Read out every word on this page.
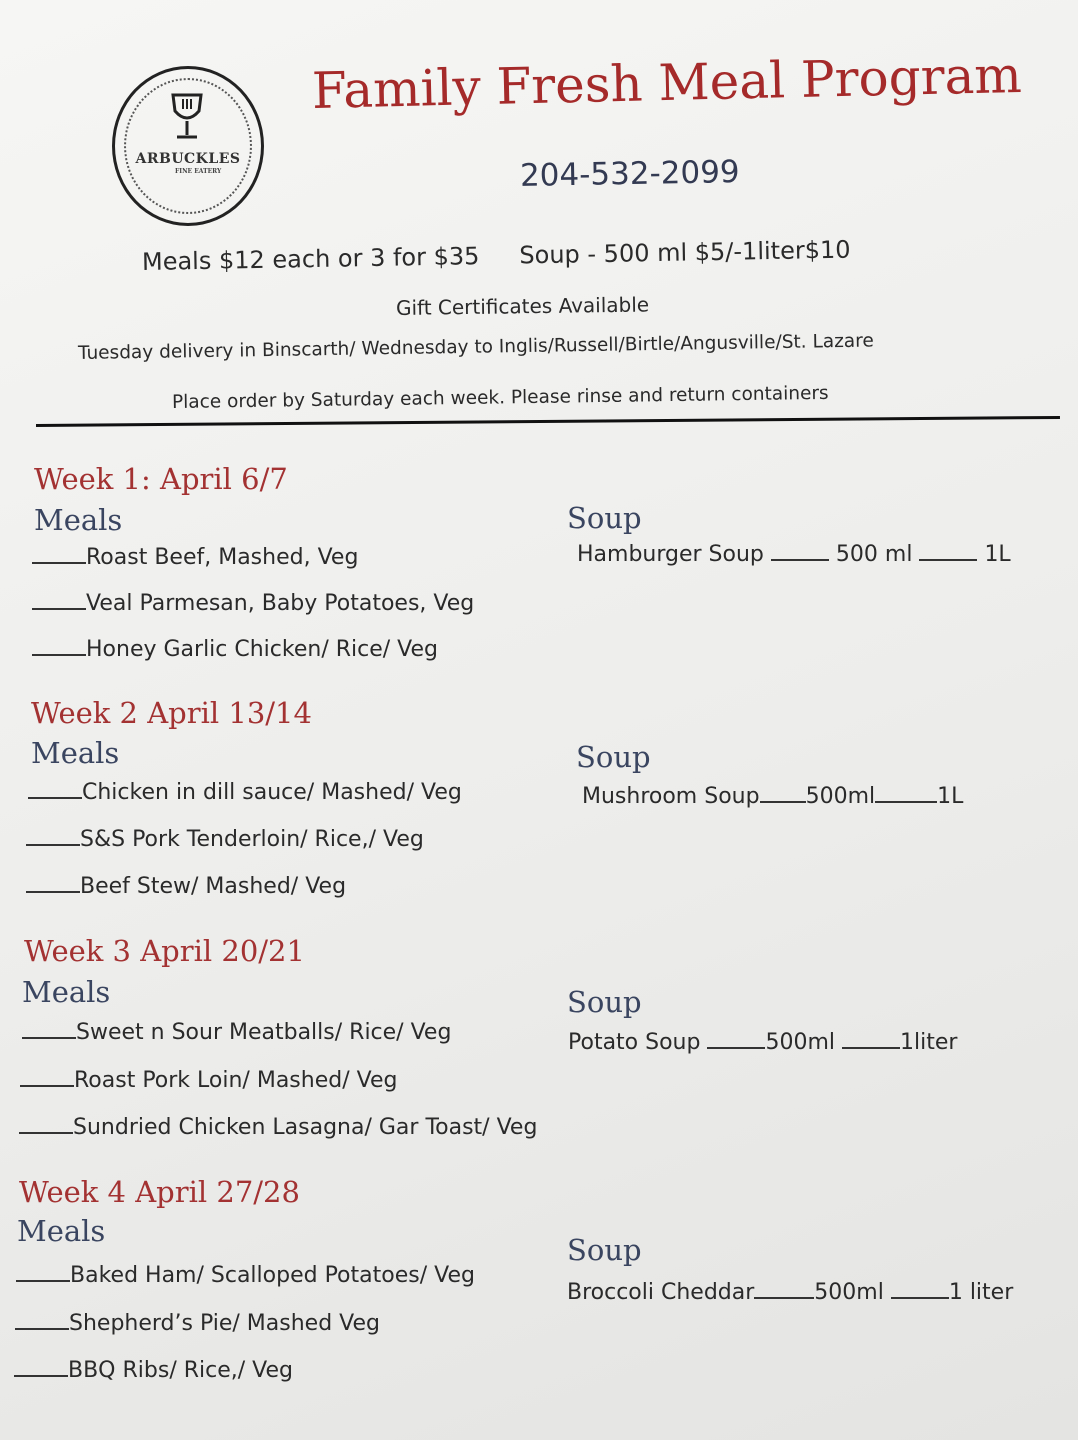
ARBUCKLES
FINE EATERY
Family Fresh Meal Program
204-532-2099
Meals $12 each or 3 for $35 Soup - 500 ml $5/-1liter$10
Gift Certificates Available
Tuesday delivery in Binscarth/ Wednesday to Inglis/Russell/Birtle/Angusville/St. Lazare
Place order by Saturday each week. Please rinse and return containers
Week 1: April 6/7
Meals	Soup
Roast Beef, Mashed, Veg
Veal Parmesan, Baby Potatoes, Veg
Honey Garlic Chicken/ Rice/ Veg
Hamburger Soup	500 ml	1L
Week 2 April 13/14
Meals	Soup
Chicken in dill sauce/ Mashed/ Veg
S&S Pork Tenderloin/ Rice,/ Veg
Beef Stew/ Mashed/ Veg
Mushroom Soup 500ml	1L
Week 3 April 20/21
Meals	Soup
Sweet n Sour Meatballs/ Rice/ Veg
Roast Pork Loin/ Mashed/ Veg
Sundried Chicken Lasagna/ Gar Toast/ Veg
Potato Soup	500ml	1liter
Week 4 April 27/28
Meals
Soup
Baked Ham/ Scalloped Potatoes/ Veg
Shepherd’s Pie/ Mashed Veg
BBQ Ribs/ Rice,/ Veg
Broccoli Cheddar	500ml	1 liter
